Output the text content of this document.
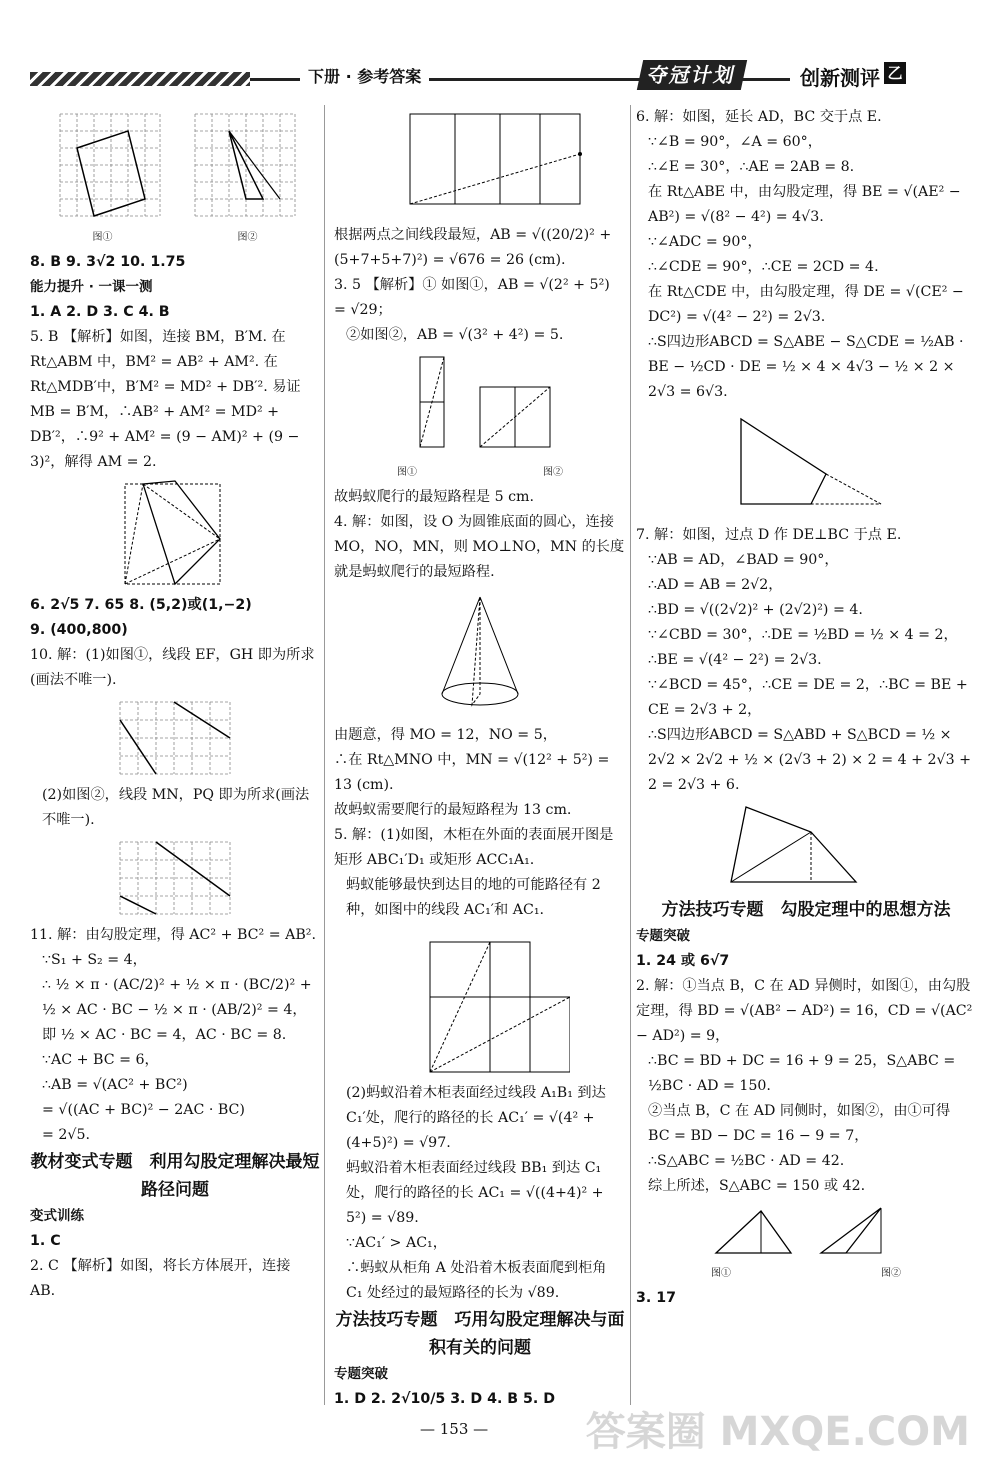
下册 · 参考答案	夺冠计划	创新测评 乙
图①	图②

8. B 9. 3√2 10. 1.75

能力提升 · 一课一测

1. A 2. D 3. C 4. B

5. B 【解析】如图，连接 BM，B′M. 在 Rt△ABM 中，BM² = AB² + AM². 在 Rt△MDB′中，B′M² = MD² + DB′². 易证 MB = B′M，∴AB² + AM² = MD² + DB′²，∴9² + AM² = (9 − AM)² + (9 − 3)²，解得 AM = 2.

6. 2√5 7. 65 8. (5,2)或(1,−2)

9. (400,800)

10. 解：(1)如图①，线段 EF，GH 即为所求(画法不唯一).

(2)如图②，线段 MN，PQ 即为所求(画法不唯一).

11. 解：由勾股定理，得 AC² + BC² = AB².

∵S₁ + S₂ = 4，

∴ ½ × π · (AC/2)² + ½ × π · (BC/2)² + ½ × AC · BC − ½ × π · (AB/2)² = 4，

即 ½ × AC · BC = 4，AC · BC = 8.

∵AC + BC = 6，

∴AB = √(AC² + BC²)

= √((AC + BC)² − 2AC · BC)

= 2√5.

教材变式专题　利用勾股定理解决最短路径问题

变式训练

1. C

2. C 【解析】如图，将长方体展开，连接 AB.

根据两点之间线段最短，AB = √((20/2)² + (5+7+5+7)²) = √676 = 26 (cm).

3. 5 【解析】① 如图①，AB = √(2² + 5²) = √29；

②如图②，AB = √(3² + 4²) = 5.

图①	图②

故蚂蚁爬行的最短路程是 5 cm.

4. 解：如图，设 O 为圆锥底面的圆心，连接 MO，NO，MN，则 MO⊥NO，MN 的长度就是蚂蚁爬行的最短路程.

由题意，得 MO = 12，NO = 5，

∴在 Rt△MNO 中，MN = √(12² + 5²) = 13 (cm).

故蚂蚁需要爬行的最短路程为 13 cm.

5. 解：(1)如图，木柜在外面的表面展开图是矩形 ABC₁′D₁ 或矩形 ACC₁A₁.

蚂蚁能够最快到达目的地的可能路径有 2 种，如图中的线段 AC₁′和 AC₁.

(2)蚂蚁沿着木柜表面经过线段 A₁B₁ 到达 C₁′处，爬行的路径的长 AC₁′ = √(4² + (4+5)²) = √97.

蚂蚁沿着木柜表面经过线段 BB₁ 到达 C₁ 处，爬行的路径的长 AC₁ = √((4+4)² + 5²) = √89.

∵AC₁′ > AC₁，

∴蚂蚁从柜角 A 处沿着木板表面爬到柜角 C₁ 处经过的最短路径的长为 √89.

方法技巧专题　巧用勾股定理解决与面积有关的问题

专题突破

1. D 2. 2√10/5 3. D 4. B 5. D

6. 解：如图，延长 AD，BC 交于点 E.

∵∠B = 90°，∠A = 60°，

∴∠E = 30°，∴AE = 2AB = 8.

在 Rt△ABE 中，由勾股定理，得 BE = √(AE² − AB²) = √(8² − 4²) = 4√3.

∵∠ADC = 90°，

∴∠CDE = 90°，∴CE = 2CD = 4.

在 Rt△CDE 中，由勾股定理，得 DE = √(CE² − DC²) = √(4² − 2²) = 2√3.

∴S四边形ABCD = S△ABE − S△CDE = ½AB · BE − ½CD · DE = ½ × 4 × 4√3 − ½ × 2 × 2√3 = 6√3.

7. 解：如图，过点 D 作 DE⊥BC 于点 E.

∵AB = AD，∠BAD = 90°，

∴AD = AB = 2√2，

∴BD = √((2√2)² + (2√2)²) = 4.

∵∠CBD = 30°，∴DE = ½BD = ½ × 4 = 2，∴BE = √(4² − 2²) = 2√3.

∵∠BCD = 45°，∴CE = DE = 2，∴BC = BE + CE = 2√3 + 2，

∴S四边形ABCD = S△ABD + S△BCD = ½ × 2√2 × 2√2 + ½ × (2√3 + 2) × 2 = 4 + 2√3 + 2 = 2√3 + 6.

方法技巧专题　勾股定理中的思想方法

专题突破

1. 24 或 6√7

2. 解：①当点 B，C 在 AD 异侧时，如图①，由勾股定理，得 BD = √(AB² − AD²) = 16，CD = √(AC² − AD²) = 9，

∴BC = BD + DC = 16 + 9 = 25，S△ABC = ½BC · AD = 150.

②当点 B，C 在 AD 同侧时，如图②，由①可得 BC = BD − DC = 16 − 9 = 7，

∴S△ABC = ½BC · AD = 42.

综上所述，S△ABC = 150 或 42.

图①	图②

3. 17

— 153 — 答案圈 MXQE.COM
